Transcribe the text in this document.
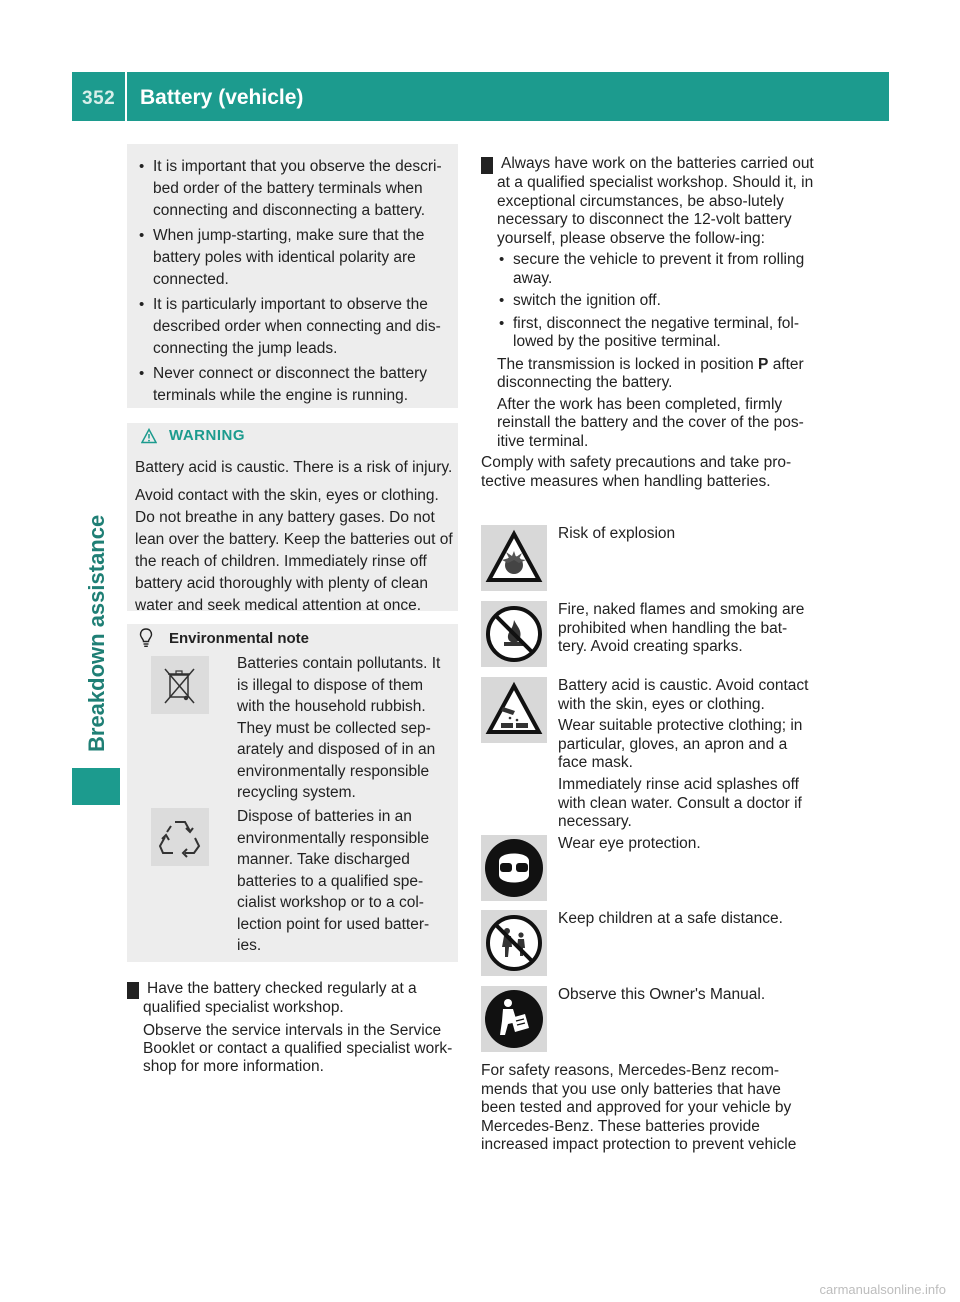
352 Battery (vehicle)
Breakdown assistance
• It is important that you observe the descri-bed order of the battery terminals when connecting and disconnecting a battery.
• When jump-starting, make sure that the battery poles with identical polarity are connected.
• It is particularly important to observe the described order when connecting and dis-connecting the jump leads.
• Never connect or disconnect the battery terminals while the engine is running.
WARNING

Battery acid is caustic. There is a risk of injury.

Avoid contact with the skin, eyes or clothing. Do not breathe in any battery gases. Do not lean over the battery. Keep the batteries out of the reach of children. Immediately rinse off battery acid thoroughly with plenty of clean water and seek medical attention at once.

Environmental note

Batteries contain pollutants. It is illegal to dispose of them with the household rubbish. They must be collected sep-arately and disposed of in an environmentally responsible recycling system.

Dispose of batteries in an environmentally responsible manner. Take discharged batteries to a qualified spe-cialist workshop or to a col-lection point for used batter-ies.

! Have the battery checked regularly at a qualified specialist workshop.

Observe the service intervals in the Service Booklet or contact a qualified specialist work-shop for more information.

! Always have work on the batteries carried out at a qualified specialist workshop. Should it, in exceptional circumstances, be abso-lutely necessary to disconnect the 12-volt battery yourself, please observe the follow-ing:

• secure the vehicle to prevent it from rolling away.
• switch the ignition off.
• first, disconnect the negative terminal, fol-lowed by the positive terminal.

The transmission is locked in position P after disconnecting the battery.

After the work has been completed, firmly reinstall the battery and the cover of the pos-itive terminal.

Comply with safety precautions and take pro-tective measures when handling batteries.

Risk of explosion

Fire, naked flames and smoking are prohibited when handling the bat-tery. Avoid creating sparks.

Battery acid is caustic. Avoid contact with the skin, eyes or clothing.

Wear suitable protective clothing; in particular, gloves, an apron and a face mask.

Immediately rinse acid splashes off with clean water. Consult a doctor if necessary.

Wear eye protection.

Keep children at a safe distance.

Observe this Owner's Manual.

For safety reasons, Mercedes-Benz recom-mends that you use only batteries that have been tested and approved for your vehicle by Mercedes-Benz. These batteries provide increased impact protection to prevent vehicle

carmanualsonline.info
